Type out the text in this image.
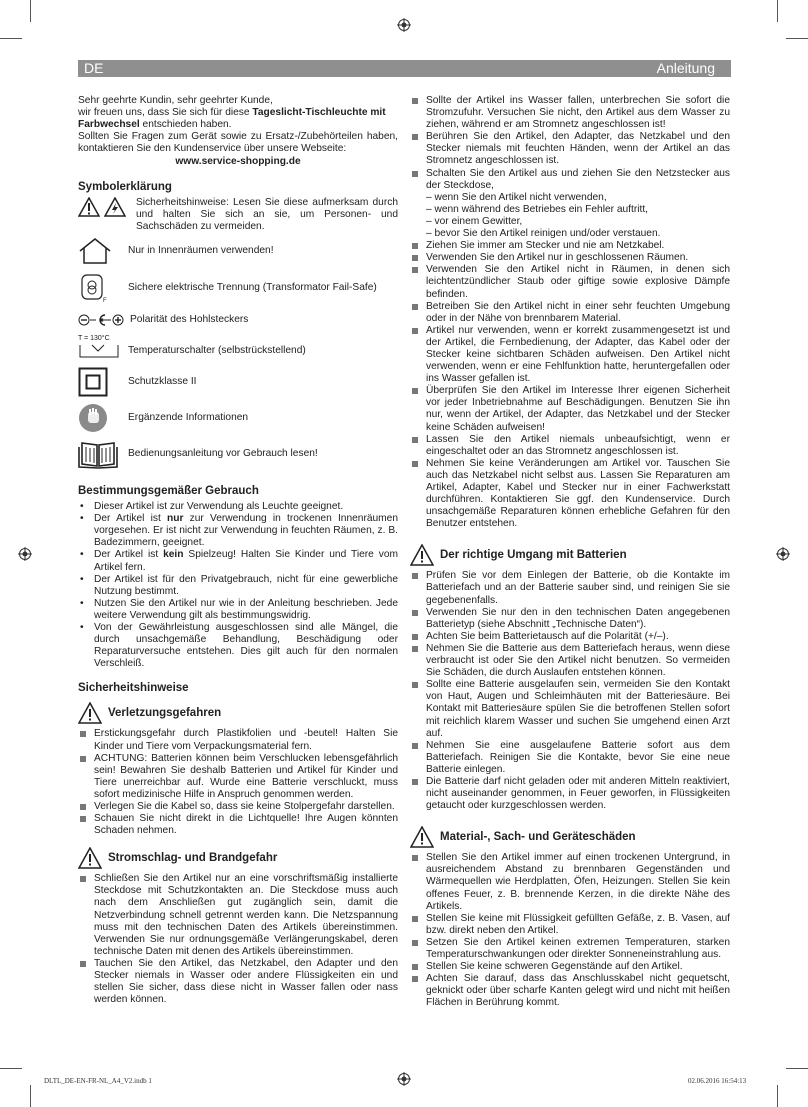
DE	Anleitung

Sehr geehrte Kundin, sehr geehrter Kunde,

wir freuen uns, dass Sie sich für diese Tageslicht-Tischleuchte mit Farbwechsel entschieden haben.

Sollten Sie Fragen zum Gerät sowie zu Ersatz-/Zubehörteilen haben, kontaktieren Sie den Kundenservice über unsere Webseite:

www.service-shopping.de

Symbolerklärung
Sicherheitshinweise: Lesen Sie diese aufmerksam durch und halten Sie sich an sie, um Personen- und Sachschäden zu vermeiden.
Nur in Innenräumen verwenden!
F
Sichere elektrische Trennung (Transformator Fail-Safe)
Polarität des Hohlsteckers
T = 130°C
Temperaturschalter (selbstrückstellend)
Schutzklasse II
Ergänzende Informationen
Bedienungsanleitung vor Gebrauch lesen!
Bestimmungsgemäßer Gebrauch
• Dieser Artikel ist zur Verwendung als Leuchte geeignet.
• Der Artikel ist nur zur Verwendung in trockenen Innenräumen vorgesehen. Er ist nicht zur Verwendung in feuchten Räumen, z. B. Badezimmern, geeignet.
• Der Artikel ist kein Spielzeug! Halten Sie Kinder und Tiere vom Artikel fern.
• Der Artikel ist für den Privatgebrauch, nicht für eine gewerbliche Nutzung bestimmt.
• Nutzen Sie den Artikel nur wie in der Anleitung beschrieben. Jede weitere Verwendung gilt als bestimmungswidrig.
• Von der Gewährleistung ausgeschlossen sind alle Mängel, die durch unsachgemäße Behandlung, Beschädigung oder Reparaturversuche entstehen. Dies gilt auch für den normalen Verschleiß.
Sicherheitshinweise
Verletzungsgefahren
Erstickungsgefahr durch Plastikfolien und -beutel! Halten Sie Kinder und Tiere vom Verpackungsmaterial fern.
ACHTUNG: Batterien können beim Verschlucken lebensgefährlich sein! Bewahren Sie deshalb Batterien und Artikel für Kinder und Tiere unerreichbar auf. Wurde eine Batterie verschluckt, muss sofort medizinische Hilfe in Anspruch genommen werden.
Verlegen Sie die Kabel so, dass sie keine Stolpergefahr darstellen.
Schauen Sie nicht direkt in die Lichtquelle! Ihre Augen könnten Schaden nehmen.
Stromschlag- und Brandgefahr
Schließen Sie den Artikel nur an eine vorschriftsmäßig installierte Steckdose mit Schutzkontakten an. Die Steckdose muss auch nach dem Anschließen gut zugänglich sein, damit die Netzverbindung schnell getrennt werden kann. Die Netzspannung muss mit den technischen Daten des Artikels übereinstimmen. Verwenden Sie nur ordnungsgemäße Verlängerungskabel, deren technische Daten mit denen des Artikels übereinstimmen.
Tauchen Sie den Artikel, das Netzkabel, den Adapter und den Stecker niemals in Wasser oder andere Flüssigkeiten ein und stellen Sie sicher, dass diese nicht in Wasser fallen oder nass werden können.
Sollte der Artikel ins Wasser fallen, unterbrechen Sie sofort die Stromzufuhr. Versuchen Sie nicht, den Artikel aus dem Wasser zu ziehen, während er am Stromnetz angeschlossen ist!
Berühren Sie den Artikel, den Adapter, das Netzkabel und den Stecker niemals mit feuchten Händen, wenn der Artikel an das Stromnetz angeschlossen ist.
Schalten Sie den Artikel aus und ziehen Sie den Netzstecker aus der Steckdose,
– wenn Sie den Artikel nicht verwenden,
– wenn während des Betriebes ein Fehler auftritt,
– vor einem Gewitter,
– bevor Sie den Artikel reinigen und/oder verstauen.
Ziehen Sie immer am Stecker und nie am Netzkabel.
Verwenden Sie den Artikel nur in geschlossenen Räumen.
Verwenden Sie den Artikel nicht in Räumen, in denen sich leichtentzündlicher Staub oder giftige sowie explosive Dämpfe befinden.
Betreiben Sie den Artikel nicht in einer sehr feuchten Umgebung oder in der Nähe von brennbarem Material.
Artikel nur verwenden, wenn er korrekt zusammengesetzt ist und der Artikel, die Fernbedienung, der Adapter, das Kabel oder der Stecker keine sichtbaren Schäden aufweisen. Den Artikel nicht verwenden, wenn er eine Fehlfunktion hatte, heruntergefallen oder ins Wasser gefallen ist.
Überprüfen Sie den Artikel im Interesse Ihrer eigenen Sicherheit vor jeder Inbetriebnahme auf Beschädigungen. Benutzen Sie ihn nur, wenn der Artikel, der Adapter, das Netzkabel und der Stecker keine Schäden aufweisen!
Lassen Sie den Artikel niemals unbeaufsichtigt, wenn er eingeschaltet oder an das Stromnetz angeschlossen ist.
Nehmen Sie keine Veränderungen am Artikel vor. Tauschen Sie auch das Netzkabel nicht selbst aus. Lassen Sie Reparaturen am Artikel, Adapter, Kabel und Stecker nur in einer Fachwerkstatt durchführen. Kontaktieren Sie ggf. den Kundenservice. Durch unsachgemäße Reparaturen können erhebliche Gefahren für den Benutzer entstehen.
Der richtige Umgang mit Batterien
Prüfen Sie vor dem Einlegen der Batterie, ob die Kontakte im Batteriefach und an der Batterie sauber sind, und reinigen Sie sie gegebenenfalls.
Verwenden Sie nur den in den technischen Daten angegebenen Batterietyp (siehe Abschnitt „Technische Daten“).
Achten Sie beim Batterietausch auf die Polarität (+/–).
Nehmen Sie die Batterie aus dem Batteriefach heraus, wenn diese verbraucht ist oder Sie den Artikel nicht benutzen. So vermeiden Sie Schäden, die durch Auslaufen entstehen können.
Sollte eine Batterie ausgelaufen sein, vermeiden Sie den Kontakt von Haut, Augen und Schleimhäuten mit der Batteriesäure. Bei Kontakt mit Batteriesäure spülen Sie die betroffenen Stellen sofort mit reichlich klarem Wasser und suchen Sie umgehend einen Arzt auf.
Nehmen Sie eine ausgelaufene Batterie sofort aus dem Batteriefach. Reinigen Sie die Kontakte, bevor Sie eine neue Batterie einlegen.
Die Batterie darf nicht geladen oder mit anderen Mitteln reaktiviert, nicht auseinander genommen, in Feuer geworfen, in Flüssigkeiten getaucht oder kurzgeschlossen werden.
Material-, Sach- und Geräteschäden
Stellen Sie den Artikel immer auf einen trockenen Untergrund, in ausreichendem Abstand zu brennbaren Gegenständen und Wärmequellen wie Herdplatten, Öfen, Heizungen. Stellen Sie kein offenes Feuer, z. B. brennende Kerzen, in die direkte Nähe des Artikels.
Stellen Sie keine mit Flüssigkeit gefüllten Gefäße, z. B. Vasen, auf bzw. direkt neben den Artikel.
Setzen Sie den Artikel keinen extremen Temperaturen, starken Temperaturschwankungen oder direkter Sonneneinstrahlung aus.
Stellen Sie keine schweren Gegenstände auf den Artikel.
Achten Sie darauf, dass das Anschlusskabel nicht gequetscht, geknickt oder über scharfe Kanten gelegt wird und nicht mit heißen Flächen in Berührung kommt.
DLTL_DE-EN-FR-NL_A4_V2.indb 1	02.06.2016 16:54:13
